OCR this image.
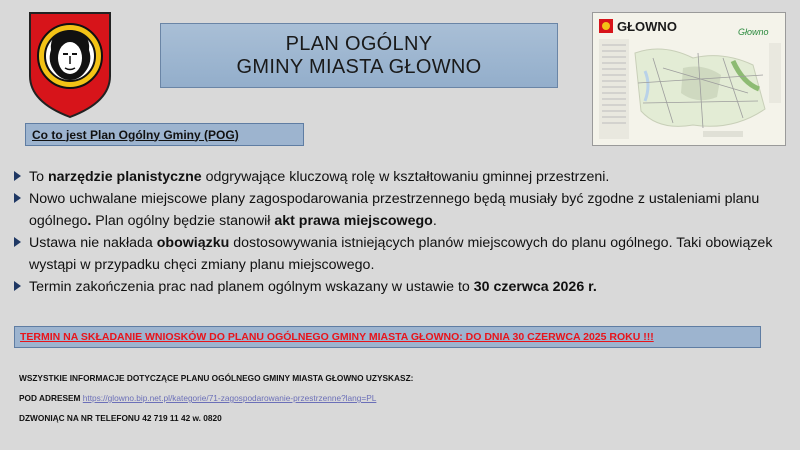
PLAN OGÓLNY
GMINY MIASTA GŁOWNO
GŁOWNO	Głowno
Co to jest Plan Ogólny Gminy (POG)
To narzędzie planistyczne odgrywające kluczową rolę w kształtowaniu gminnej przestrzeni.
Nowo uchwalane miejscowe plany zagospodarowania przestrzennego będą musiały być zgodne z ustaleniami planu ogólnego. Plan ogólny będzie stanowił akt prawa miejscowego.
Ustawa nie nakłada obowiązku dostosowywania istniejących planów miejscowych do planu ogólnego. Taki obowiązek wystąpi w przypadku chęci zmiany planu miejscowego.
Termin zakończenia prac nad planem ogólnym wskazany w ustawie to 30 czerwca 2026 r.
TERMIN NA SKŁADANIE WNIOSKÓW DO PLANU OGÓLNEGO GMINY MIASTA GŁOWNO: DO DNIA 30 CZERWCA 2025 ROKU !!!
WSZYSTKIE INFORMACJE DOTYCZĄCE PLANU OGÓLNEGO GMINY MIASTA GŁOWNO UZYSKASZ:
POD ADRESEM https://glowno.bip.net.pl/kategorie/71-zagospodarowanie-przestrzenne?lang=PL
DZWONIĄC NA NR TELEFONU 42 719 11 42 w. 0820
